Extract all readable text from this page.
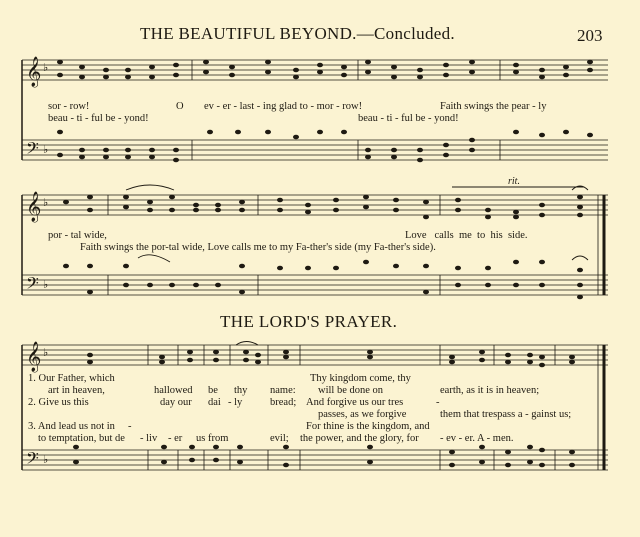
THE BEAUTIFUL BEYOND.—Concluded.	203
𝄞
𝄢
♭
♭
𝄞
𝄢
♭
♭
𝄞
𝄢
♭
♭
sor - row!	O ev - er - last - ing glad to - mor - row!	Faith swings the pear - ly
beau - ti - ful be - yond!	beau - ti - ful be - yond!
rit.
por - tal wide,	Love calls me to his side.
Faith swings the por-tal wide, Love calls me to my Fa-ther's side (my Fa-ther's side).
THE LORD'S PRAYER.
1. Our Father, which	Thy kingdom come, thy
art in heaven,	hallowed be thy name: will be done on	earth, as it is in heaven;
2. Give us this	day our dai - ly	bread; And forgive us our tres	-
passes, as we forgive	them that trespass a - gainst us;
3. And lead us not in -	For thine is the kingdom, and
to temptation, but de - liv - er us from	evil; the power, and the glory, for - ev - er. A - men.
